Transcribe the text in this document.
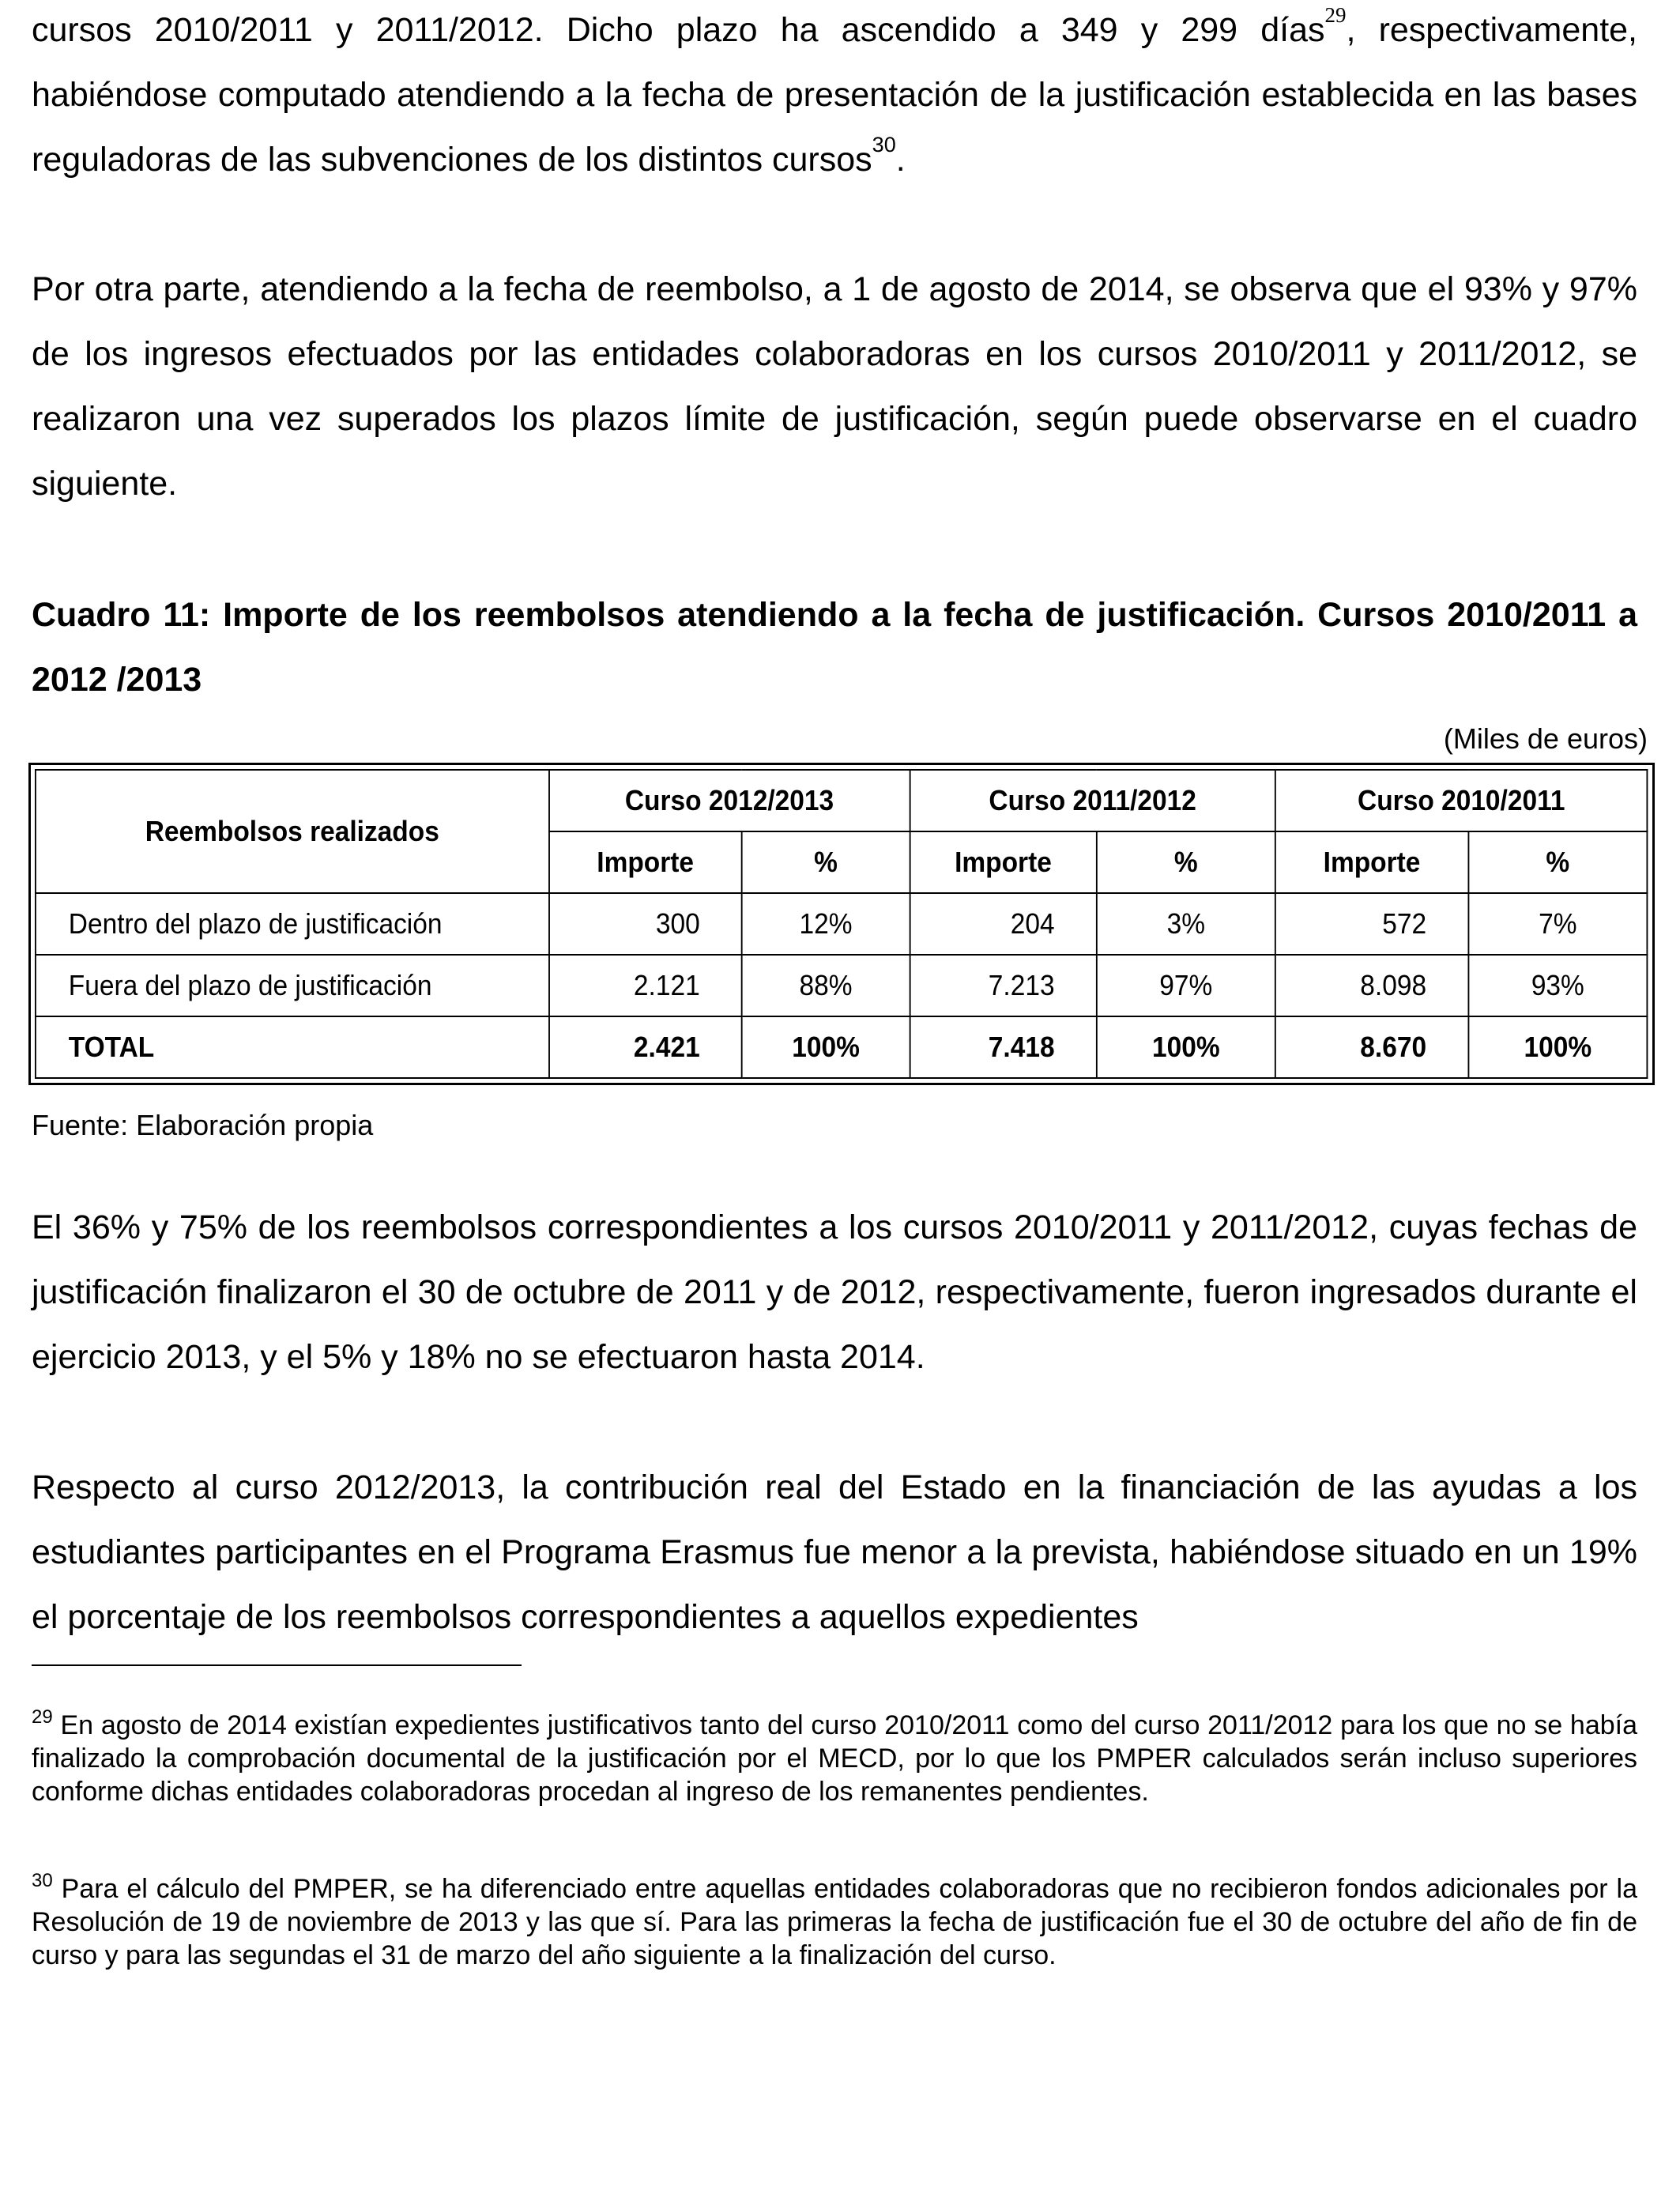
cursos 2010/2011 y 2011/2012. Dicho plazo ha ascendido a 349 y 299 días$^{29}$, respectivamente, habiéndose computado atendiendo a la fecha de presentación de la justificación establecida en las bases reguladoras de las subvenciones de los distintos cursos$^{30}$.

Por otra parte, atendiendo a la fecha de reembolso, a 1 de agosto de 2014, se observa que el 93% y 97% de los ingresos efectuados por las entidades colaboradoras en los cursos 2010/2011 y 2011/2012, se realizaron una vez superados los plazos límite de justificación, según puede observarse en el cuadro siguiente.

Cuadro 11: Importe de los reembolsos atendiendo a la fecha de justificación. Cursos 2010/2011 a 2012 /2013

(Miles de euros)

Reembolsos realizados	Curso 2012/2013		Curso 2011/2012		Curso 2010/2011	
	Importe	%	Importe	%	Importe	%
Dentro del plazo de justificación	300	12%	204	3%	572	7%
Fuera del plazo de justificación	2.121	88%	7.213	97%	8.098	93%
TOTAL	2.421	100%	7.418	100%	8.670	100%

Fuente: Elaboración propia

El 36% y 75% de los reembolsos correspondientes a los cursos 2010/2011 y 2011/2012, cuyas fechas de justificación finalizaron el 30 de octubre de 2011 y de 2012, respectivamente, fueron ingresados durante el ejercicio 2013, y el 5% y 18% no se efectuaron hasta 2014.

Respecto al curso 2012/2013, la contribución real del Estado en la financiación de las ayudas a los estudiantes participantes en el Programa Erasmus fue menor a la prevista, habiéndose situado en un 19% el porcentaje de los reembolsos correspondientes a aquellos expedientes

$^{29}$ En agosto de 2014 existían expedientes justificativos tanto del curso 2010/2011 como del curso 2011/2012 para los que no se había finalizado la comprobación documental de la justificación por el MECD, por lo que los PMPER calculados serán incluso superiores conforme dichas entidades colaboradoras procedan al ingreso de los remanentes pendientes.

$^{30}$ Para el cálculo del PMPER, se ha diferenciado entre aquellas entidades colaboradoras que no recibieron fondos adicionales por la Resolución de 19 de noviembre de 2013 y las que sí. Para las primeras la fecha de justificación fue el 30 de octubre del año de fin de curso y para las segundas el 31 de marzo del año siguiente a la finalización del curso.
